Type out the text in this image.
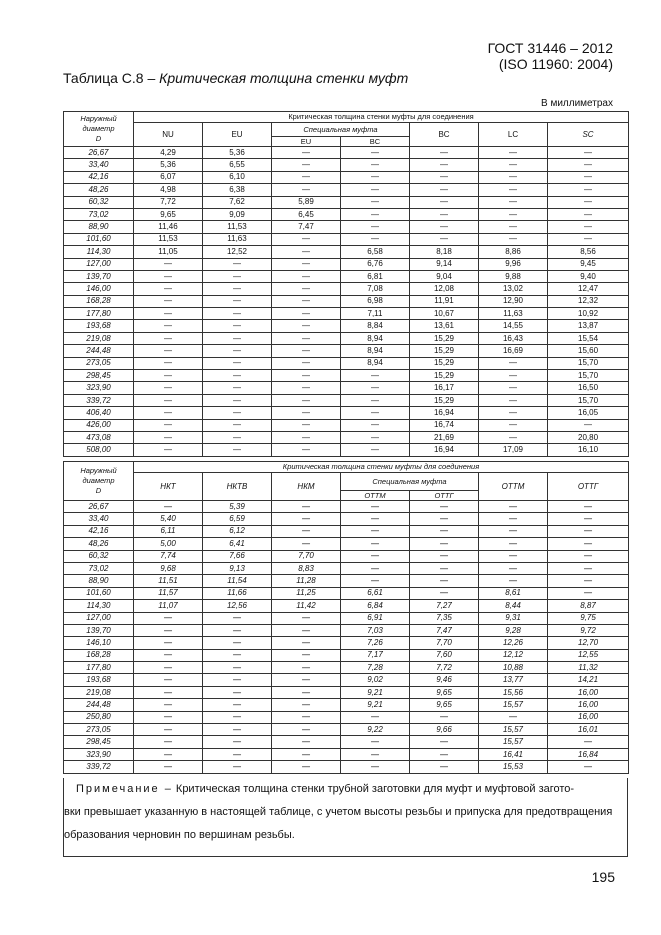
ГОСТ 31446 – 2012
(ISO 11960: 2004)
Таблица С.8 – Критическая толщина стенки муфт
В миллиметрах
Наружный
диаметр
D	Критическая толщина стенки муфты для соединения						
	NU	EU	Специальная муфта		BC	LC	SC
			EU	BC			
26,67	4,29	5,36	—	—	—	—	—
33,40	5,36	6,55	—	—	—	—	—
42,16	6,07	6,10	—	—	—	—	—
48,26	4,98	6,38	—	—	—	—	—
60,32	7,72	7,62	5,89	—	—	—	—
73,02	9,65	9,09	6,45	—	—	—	—
88,90	11,46	11,53	7,47	—	—	—	—
101,60	11,53	11,63	—	—	—	—	—
114,30	11,05	12,52	—	6,58	8,18	8,86	8,56
127,00	—	—	—	6,76	9,14	9,96	9,45
139,70	—	—	—	6,81	9,04	9,88	9,40
146,00	—	—	—	7,08	12,08	13,02	12,47
168,28	—	—	—	6,98	11,91	12,90	12,32
177,80	—	—	—	7,11	10,67	11,63	10,92
193,68	—	—	—	8,84	13,61	14,55	13,87
219,08	—	—	—	8,94	15,29	16,43	15,54
244,48	—	—	—	8,94	15,29	16,69	15,60
273,05	—	—	—	8,94	15,29	—	15,70
298,45	—	—	—	—	15,29	—	15,70
323,90	—	—	—	—	16,17	—	16,50
339,72	—	—	—	—	15,29	—	15,70
406,40	—	—	—	—	16,94	—	16,05
426,00	—	—	—	—	16,74	—	—
473,08	—	—	—	—	21,69	—	20,80
508,00	—	—	—	—	16,94	17,09	16,10
Наружный
диаметр
D	Критическая толщина стенки муфты для соединения						
	НКТ	НКТВ	НКМ	Специальная муфта		ОТТМ	ОТТГ
				ОТТМ	ОТТГ		
26,67	—	5,39	—	—	—	—	—
33,40	5,40	6,59	—	—	—	—	—
42,16	6,11	6,12	—	—	—	—	—
48,26	5,00	6,41	—	—	—	—	—
60,32	7,74	7,66	7,70	—	—	—	—
73,02	9,68	9,13	8,83	—	—	—	—
88,90	11,51	11,54	11,28	—	—	—	—
101,60	11,57	11,66	11,25	6,61	—	8,61	—
114,30	11,07	12,56	11,42	6,84	7,27	8,44	8,87
127,00	—	—	—	6,91	7,35	9,31	9,75
139,70	—	—	—	7,03	7,47	9,28	9,72
146,10	—	—	—	7,26	7,70	12,26	12,70
168,28	—	—	—	7,17	7,60	12,12	12,55
177,80	—	—	—	7,28	7,72	10,88	11,32
193,68	—	—	—	9,02	9,46	13,77	14,21
219,08	—	—	—	9,21	9,65	15,56	16,00
244,48	—	—	—	9,21	9,65	15,57	16,00
250,80	—	—	—	—	—	—	16,00
273,05	—	—	—	9,22	9,66	15,57	16,01
298,45	—	—	—	—	—	15,57	—
323,90	—	—	—	—	—	16,41	16,84
339,72	—	—	—	—	—	15,53	—

Примечание – Критическая толщина стенки трубной заготовки для муфт и муфтовой загото-

вки превышает указанную в настоящей таблице, с учетом высоты резьбы и припуска для предотвращения

образования черновин по вершинам резьбы.

195
